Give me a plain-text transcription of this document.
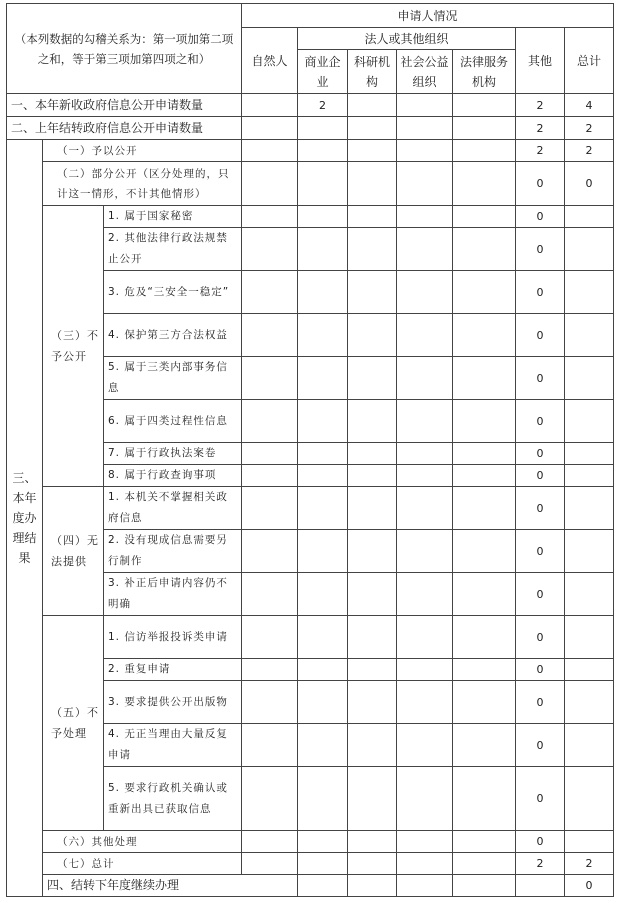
（本列数据的勾稽关系为：第一项加第二项之和，等于第三项加第四项之和）			申请人情况							
			自然人	法人或其他组织				其他	总计	
				商业企业	科研机构	社会公益组织	法律服务机构			
一、本年新收政府信息公开申请数量				2				2	4	
二、上年结转政府信息公开申请数量								2	2	
三、本年度办理结果	（一）予以公开							2	2	
	（二）部分公开（区分处理的，只计这一情形，不计其他情形）							0	0	
	（三）不予公开	1. 属于国家秘密						0		
		2. 其他法律行政法规禁止公开						0		
		3. 危及“三安全一稳定”						0		
		4. 保护第三方合法权益						0		
		5. 属于三类内部事务信息						0		
		6. 属于四类过程性信息						0		
		7. 属于行政执法案卷						0		
		8. 属于行政查询事项						0		
	（四）无法提供	1. 本机关不掌握相关政府信息						0		
		2. 没有现成信息需要另行制作						0		
		3. 补正后申请内容仍不明确						0		
	（五）不予处理	1. 信访举报投诉类申请						0		
		2. 重复申请						0		
		3. 要求提供公开出版物						0		
		4. 无正当理由大量反复申请						0		
		5. 要求行政机关确认或重新出具已获取信息						0		
	（六）其他处理							0		
	（七）总计							2	2	
	四、结转下年度继续办理								0	
